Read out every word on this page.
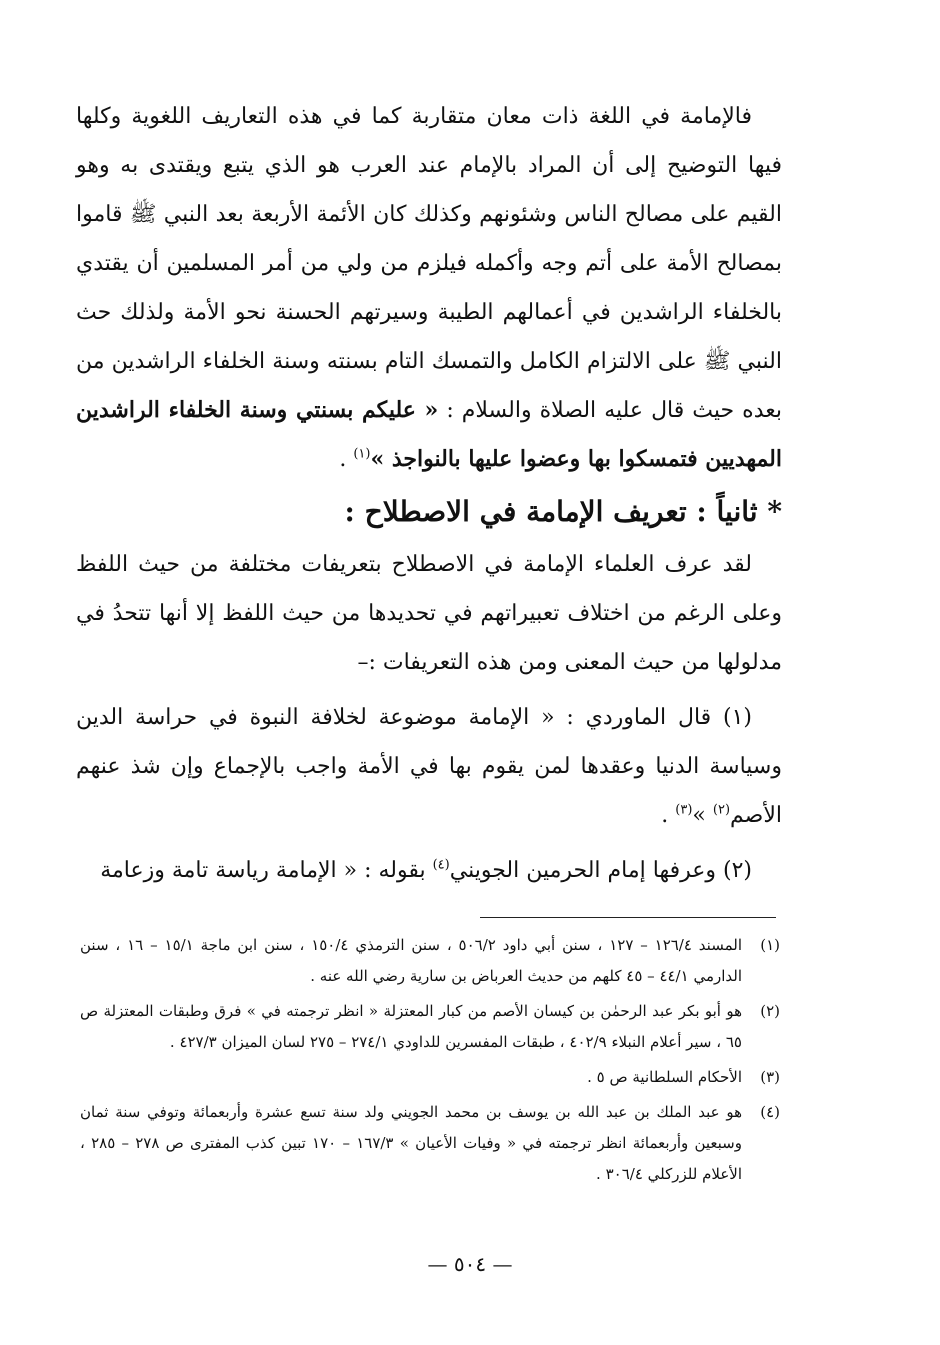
فالإمامة في اللغة ذات معان متقاربة كما في هذه التعاريف اللغوية وكلها فيها التوضيح إلى أن المراد بالإمام عند العرب هو الذي يتبع ويقتدى به وهو القيم على مصالح الناس وشئونهم وكذلك كان الأئمة الأربعة بعد النبي ﷺ قاموا بمصالح الأمة على أتم وجه وأكمله فيلزم من ولي من أمر المسلمين أن يقتدي بالخلفاء الراشدين في أعمالهم الطيبة وسيرتهم الحسنة نحو الأمة ولذلك حث النبي ﷺ على الالتزام الكامل والتمسك التام بسنته وسنة الخلفاء الراشدين من بعده حيث قال عليه الصلاة والسلام : « عليكم بسنتي وسنة الخلفاء الراشدين المهديين فتمسكوا بها وعضوا عليها بالنواجذ »$^{(١)}$ .

* ثانياً : تعريف الإمامة في الاصطلاح :

لقد عرف العلماء الإمامة في الاصطلاح بتعريفات مختلفة من حيث اللفظ وعلى الرغم من اختلاف تعبيراتهم في تحديدها من حيث اللفظ إلا أنها تتحدُ في مدلولها من حيث المعنى ومن هذه التعريفات :–

(١) قال الماوردي : « الإمامة موضوعة لخلافة النبوة في حراسة الدين وسياسة الدنيا وعقدها لمن يقوم بها في الأمة واجب بالإجماع وإن شذ عنهم الأصم$^{(٢)}$ »$^{(٣)}$ .

(٢) وعرفها إمام الحرمين الجويني$^{(٤)}$ بقوله : « الإمامة رياسة تامة وزعامة

(١)
المسند ١٢٦/٤ – ١٢٧ ، سنن أبي داود ٥٠٦/٢ ، سنن الترمذي ١٥٠/٤ ، سنن ابن ماجة ١٥/١ – ١٦ ، سنن الدارمي ٤٤/١ – ٤٥ كلهم من حديث العرباض بن سارية رضي الله عنه .
(٢)
هو أبو بكر عبد الرحمٰن بن كيسان الأصم من كبار المعتزلة « انظر ترجمته في » فرق وطبقات المعتزلة ص ٦٥ ، سير أعلام النبلاء ٤٠٢/٩ ، طبقات المفسرين للداودي ٢٧٤/١ – ٢٧٥ لسان الميزان ٤٢٧/٣ .
(٣)
الأحكام السلطانية ص ٥ .
(٤)
هو عبد الملك بن عبد الله بن يوسف بن محمد الجويني ولد سنة تسع عشرة وأربعمائة وتوفي سنة ثمان وسبعين وأربعمائة انظر ترجمته في « وفيات الأعيان » ١٦٧/٣ – ١٧٠ تبين كذب المفترى ص ٢٧٨ – ٢٨٥ ، الأعلام للزركلي ٣٠٦/٤ .
— ٥٠٤ —
